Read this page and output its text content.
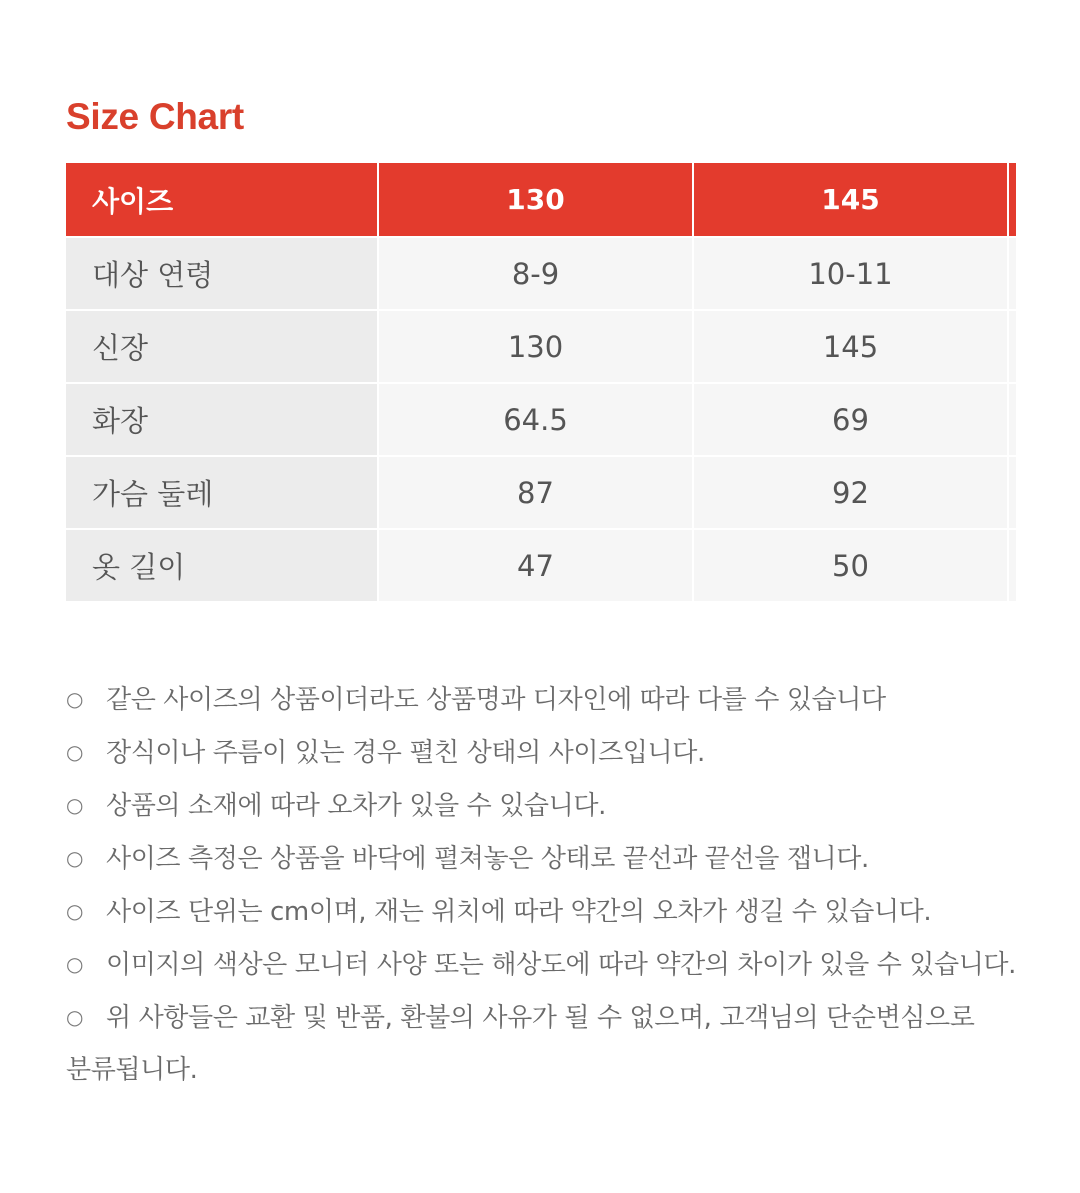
Size Chart
사이즈	130	145	
대상 연령	8-9	10-11	
신장	130	145	
화장	64.5	69	
가슴 둘레	87	92	
옷 길이	47	50	
○ 같은 사이즈의 상품이더라도 상품명과 디자인에 따라 다를 수 있습니다
○ 장식이나 주름이 있는 경우 펼친 상태의 사이즈입니다.
○ 상품의 소재에 따라 오차가 있을 수 있습니다.
○ 사이즈 측정은 상품을 바닥에 펼쳐놓은 상태로 끝선과 끝선을 잽니다.
○ 사이즈 단위는 cm이며, 재는 위치에 따라 약간의 오차가 생길 수 있습니다.
○ 이미지의 색상은 모니터 사양 또는 해상도에 따라 약간의 차이가 있을 수 있습니다.
○ 위 사항들은 교환 및 반품, 환불의 사유가 될 수 없으며, 고객님의 단순변심으로 분류됩니다.
